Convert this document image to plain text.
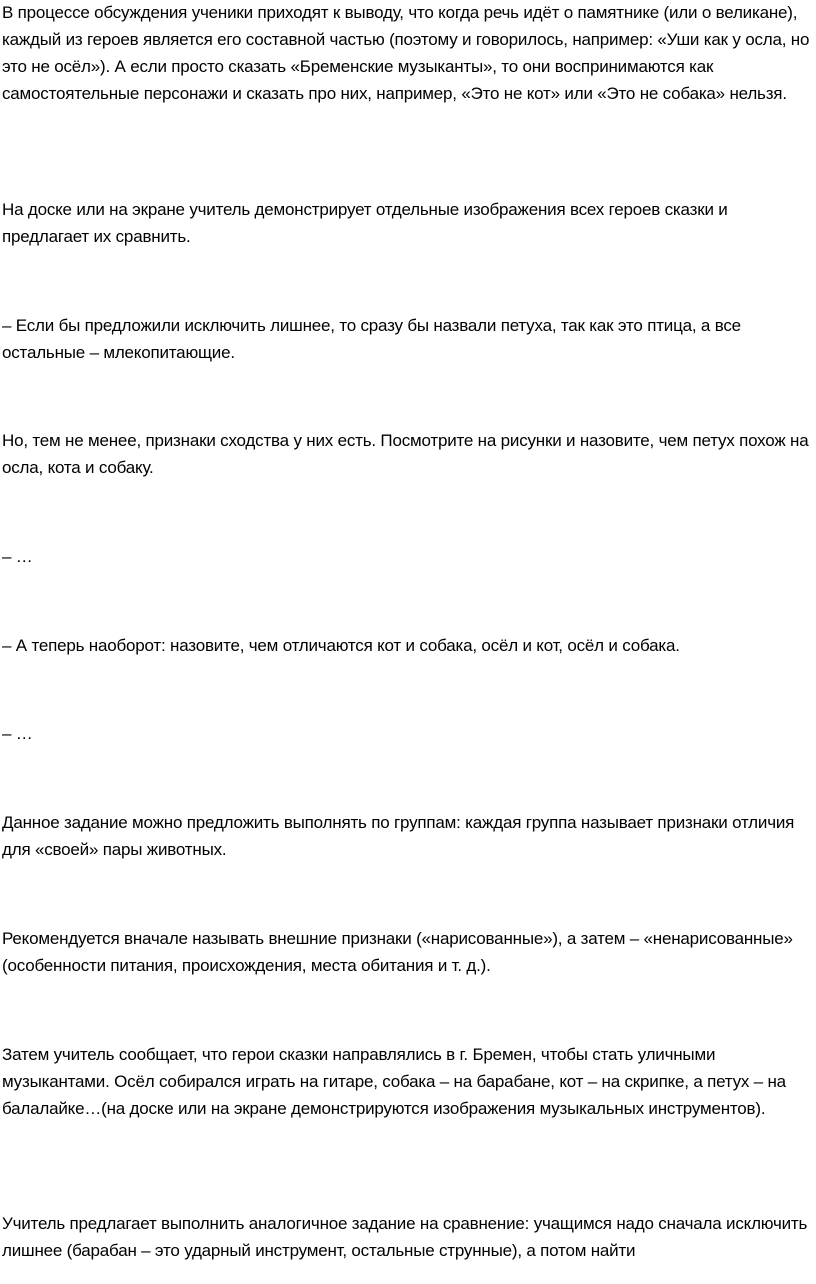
В процессе обсуждения ученики приходят к выводу, что когда речь идёт о памятнике (или о великане), каждый из героев является его составной частью (поэтому и говорилось, например: «Уши как у осла, но это не осёл»). А если просто сказать «Бременские музыканты», то они воспринимаются как самостоятельные персонажи и сказать про них, например, «Это не кот» или «Это не собака» нельзя.

На доске или на экране учитель демонстрирует отдельные изображения всех героев сказки и предлагает их сравнить.

– Если бы предложили исключить лишнее, то сразу бы назвали петуха, так как это птица, а все остальные – млекопитающие.

Но, тем не менее, признаки сходства у них есть. Посмотрите на рисунки и назовите, чем петух похож на осла, кота и собаку.

– …

– А теперь наоборот: назовите, чем отличаются кот и собака, осёл и кот, осёл и собака.

– …

Данное задание можно предложить выполнять по группам: каждая группа называет признаки отличия для «своей» пары животных.

Рекомендуется вначале называть внешние признаки («нарисованные»), а затем – «ненарисованные» (особенности питания, происхождения, места обитания и т. д.).

Затем учитель сообщает, что герои сказки направлялись в г. Бремен, чтобы стать уличными музыкантами. Осёл собирался играть на гитаре, собака – на барабане, кот – на скрипке, а петух – на балалайке…(на доске или на экране демонстрируются изображения музыкальных инструментов).

Учитель предлагает выполнить аналогичное задание на сравнение: учащимся надо сначала исключить лишнее (барабан – это ударный инструмент, остальные струнные), а потом найти
